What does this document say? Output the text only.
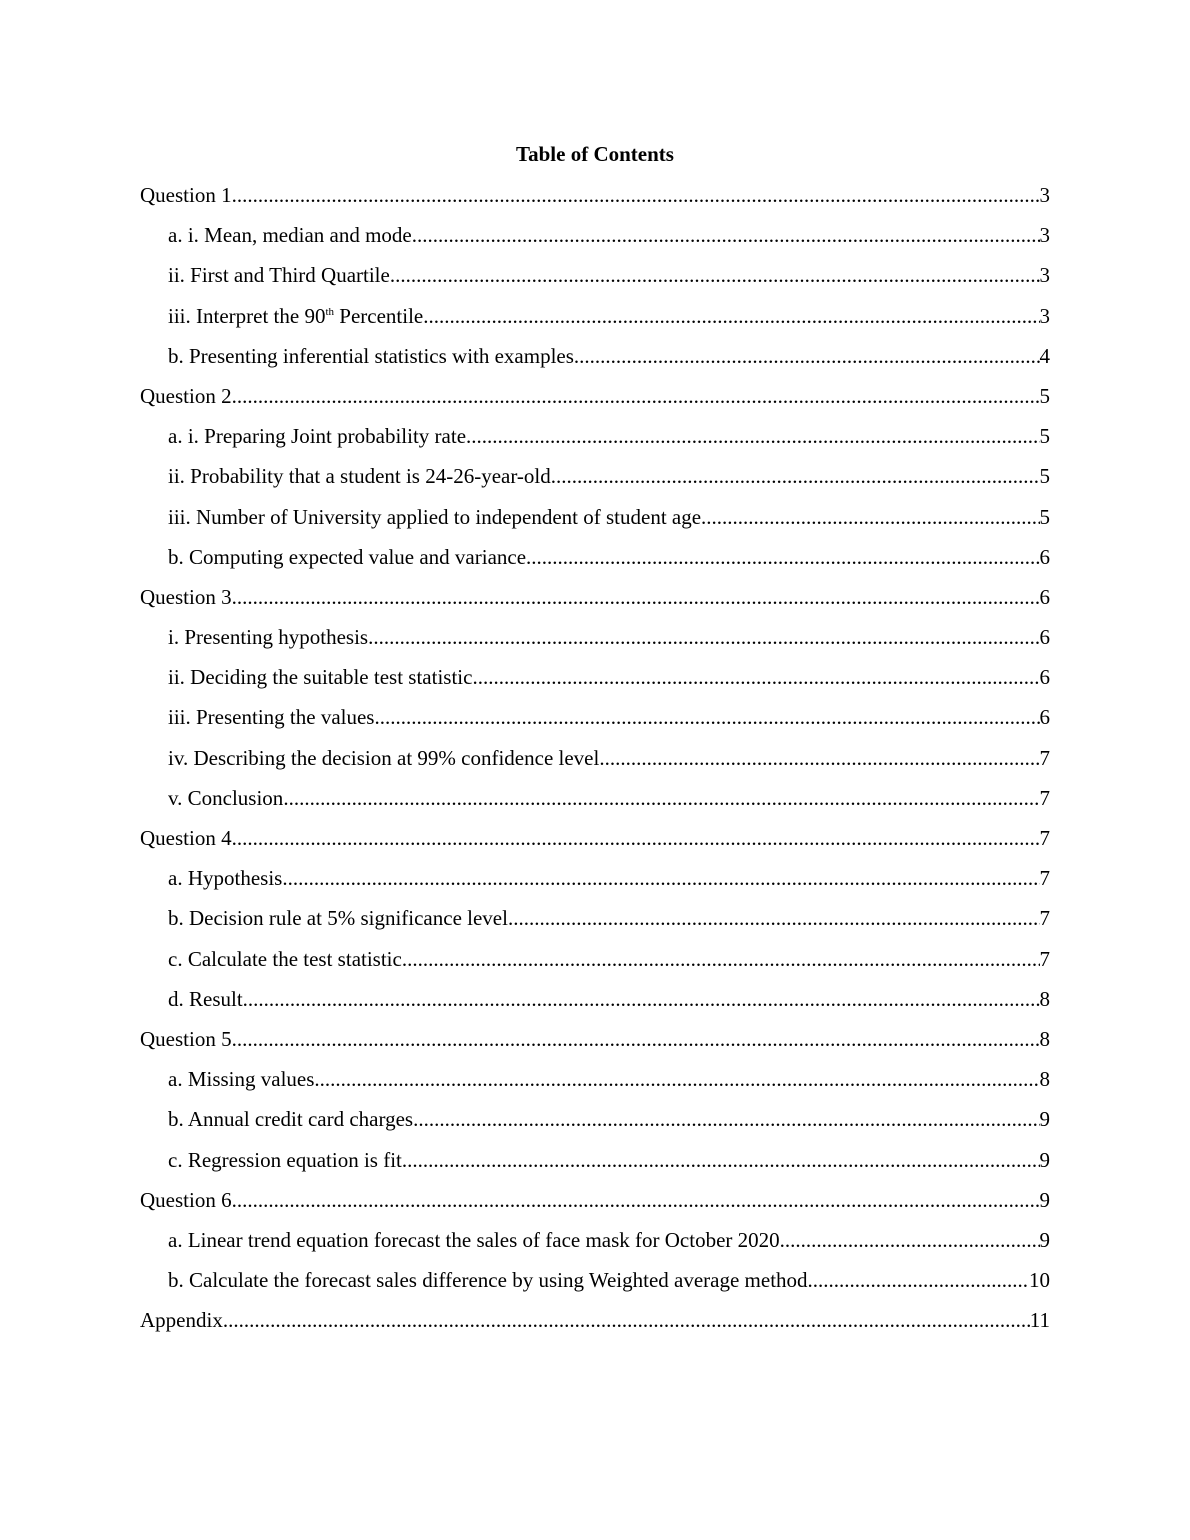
Table of Contents
Question 1 .....	3
a. i. Mean, median and mode .....	3
ii. First and Third Quartile .....	3
iii. Interpret the 90th Percentile .....	3
b. Presenting inferential statistics with examples .....	4
Question 2 .....	5
a. i. Preparing Joint probability rate .....	5
ii. Probability that a student is 24-26-year-old .....	5
iii. Number of University applied to independent of student age .....	5
b. Computing expected value and variance .....	6
Question 3 .....	6
i. Presenting hypothesis .....	6
ii. Deciding the suitable test statistic .....	6
iii. Presenting the values .....	6
iv. Describing the decision at 99% confidence level .....	7
v. Conclusion .....	7
Question 4 .....	7
a. Hypothesis .....	7
b. Decision rule at 5% significance level .....	7
c. Calculate the test statistic .....	7
d. Result .....	8
Question 5 .....	8
a. Missing values .....	8
b. Annual credit card charges .....	9
c. Regression equation is fit .....	9
Question 6 .....	9
a. Linear trend equation forecast the sales of face mask for October 2020 .....	9
b. Calculate the forecast sales difference by using Weighted average method .....	10
Appendix .....	11
